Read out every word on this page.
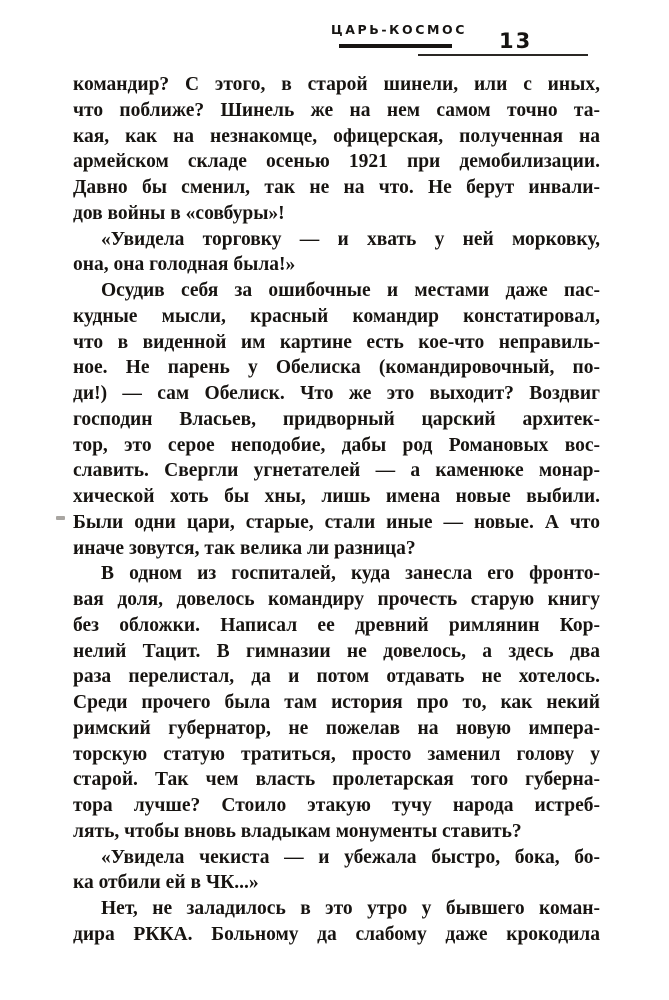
ЦАРЬ-КОСМОС 13
командир? С этого, в старой шинели, или с иных,
что поближе? Шинель же на нем самом точно та-
кая, как на незнакомце, офицерская, полученная на
армейском складе осенью 1921 при демобилизации.
Давно бы сменил, так не на что. Не берут инвали-
дов войны в «совбуры»!
«Увидела торговку — и хвать у ней морковку,
она, она голодная была!»
Осудив себя за ошибочные и местами даже пас-
кудные мысли, красный командир констатировал,
что в виденной им картине есть кое-что неправиль-
ное. Не парень у Обелиска (командировочный, по-
ди!) — сам Обелиск. Что же это выходит? Воздвиг
господин Власьев, придворный царский архитек-
тор, это серое неподобие, дабы род Романовых вос-
славить. Свергли угнетателей — а каменюке монар-
хической хоть бы хны, лишь имена новые выбили.
Были одни цари, старые, стали иные — новые. А что
иначе зовутся, так велика ли разница?
В одном из госпиталей, куда занесла его фронто-
вая доля, довелось командиру прочесть старую книгу
без обложки. Написал ее древний римлянин Кор-
нелий Тацит. В гимназии не довелось, а здесь два
раза перелистал, да и потом отдавать не хотелось.
Среди прочего была там история про то, как некий
римский губернатор, не пожелав на новую импера-
торскую статую тратиться, просто заменил голову у
старой. Так чем власть пролетарская того губерна-
тора лучше? Стоило этакую тучу народа истреб-
лять, чтобы вновь владыкам монументы ставить?
«Увидела чекиста — и убежала быстро, бока, бо-
ка отбили ей в ЧК...»
Нет, не заладилось в это утро у бывшего коман-
дира РККА. Больному да слабому даже крокодила
